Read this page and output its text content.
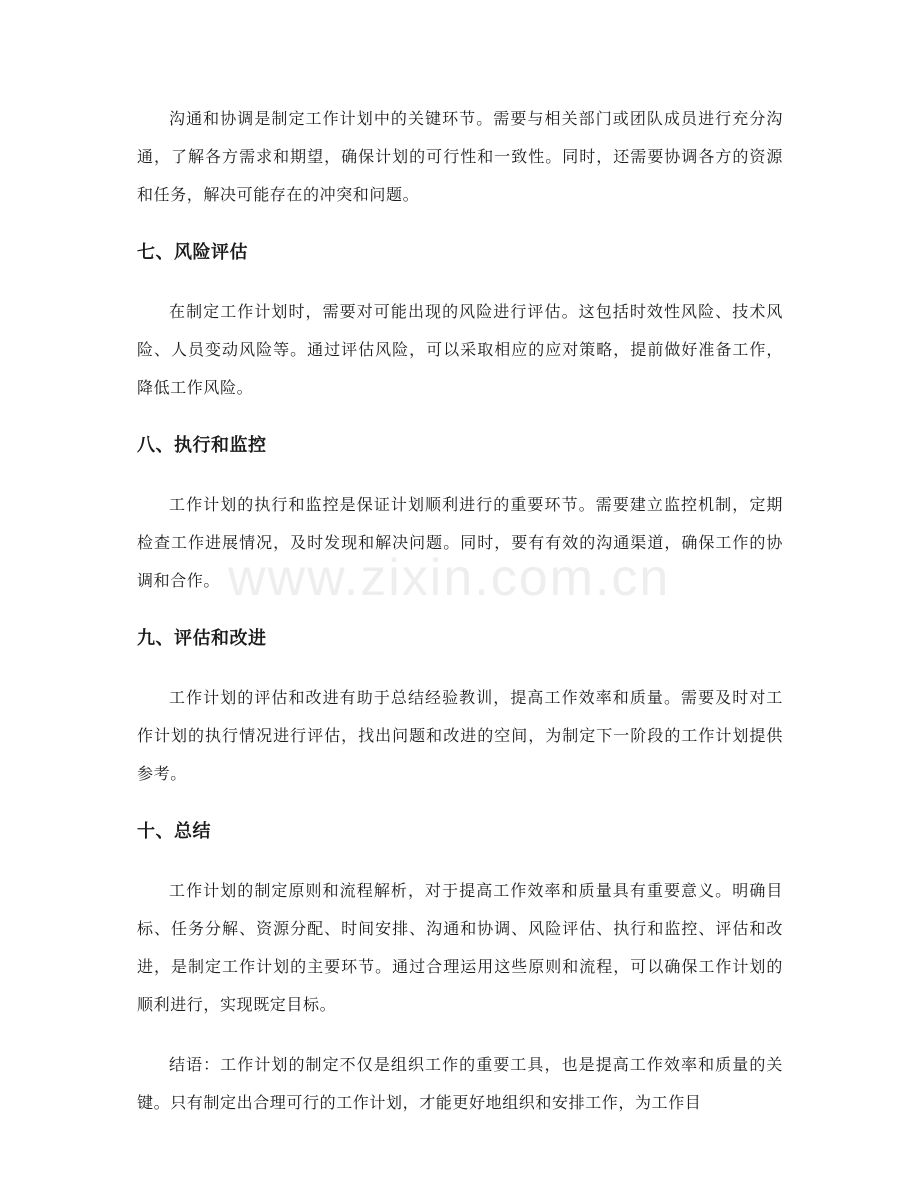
沟通和协调是制定工作计划中的关键环节。需要与相关部门或团队成员进行充分沟通，了解各方需求和期望，确保计划的可行性和一致性。同时，还需要协调各方的资源和任务，解决可能存在的冲突和问题。

七、风险评估

在制定工作计划时，需要对可能出现的风险进行评估。这包括时效性风险、技术风险、人员变动风险等。通过评估风险，可以采取相应的应对策略，提前做好准备工作，降低工作风险。

八、执行和监控

工作计划的执行和监控是保证计划顺利进行的重要环节。需要建立监控机制，定期检查工作进展情况，及时发现和解决问题。同时，要有有效的沟通渠道，确保工作的协调和合作。

九、评估和改进

工作计划的评估和改进有助于总结经验教训，提高工作效率和质量。需要及时对工作计划的执行情况进行评估，找出问题和改进的空间，为制定下一阶段的工作计划提供参考。

十、总结

工作计划的制定原则和流程解析，对于提高工作效率和质量具有重要意义。明确目标、任务分解、资源分配、时间安排、沟通和协调、风险评估、执行和监控、评估和改进，是制定工作计划的主要环节。通过合理运用这些原则和流程，可以确保工作计划的顺利进行，实现既定目标。

结语：工作计划的制定不仅是组织工作的重要工具，也是提高工作效率和质量的关键。只有制定出合理可行的工作计划，才能更好地组织和安排工作，为工作目

www.zixin.com.cn
